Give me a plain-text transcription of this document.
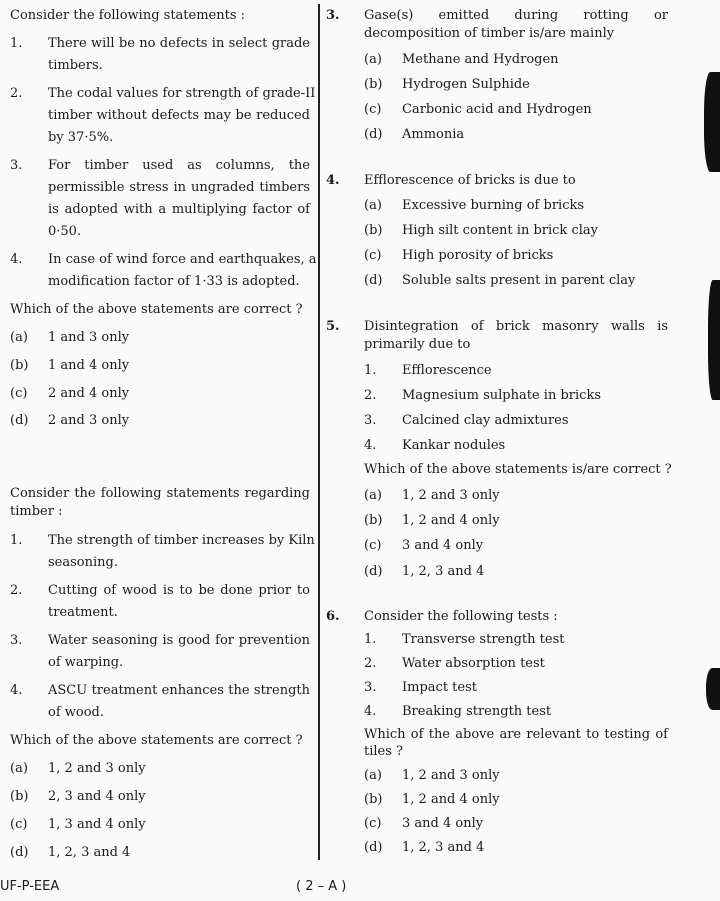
Consider the following statements :
1. There will be no defects in select grade
timbers.
2. The codal values for strength of grade-II
timber without defects may be reduced
by 37·5%.
3. For timber used as columns, the
permissible stress in ungraded timbers
is adopted with a multiplying factor of
0·50.
4. In case of wind force and earthquakes, a
modification factor of 1·33 is adopted.
Which of the above statements are correct ?
(a) 1 and 3 only
(b) 1 and 4 only
(c) 2 and 4 only
(d) 2 and 3 only
Consider the following statements regarding
timber :
1. The strength of timber increases by Kiln
seasoning.
2. Cutting of wood is to be done prior to
treatment.
3. Water seasoning is good for prevention
of warping.
4. ASCU treatment enhances the strength
of wood.
Which of the above statements are correct ?
(a) 1, 2 and 3 only
(b) 2, 3 and 4 only
(c) 1, 3 and 4 only
(d) 1, 2, 3 and 4
3. Gase(s) emitted during rotting or
decomposition of timber is/are mainly
(a) Methane and Hydrogen
(b) Hydrogen Sulphide
(c) Carbonic acid and Hydrogen
(d) Ammonia
4. Efflorescence of bricks is due to
(a) Excessive burning of bricks
(b) High silt content in brick clay
(c) High porosity of bricks
(d) Soluble salts present in parent clay
5. Disintegration of brick masonry walls is
primarily due to
1. Efflorescence
2. Magnesium sulphate in bricks
3. Calcined clay admixtures
4. Kankar nodules
Which of the above statements is/are correct ?
(a) 1, 2 and 3 only
(b) 1, 2 and 4 only
(c) 3 and 4 only
(d) 1, 2, 3 and 4
6. Consider the following tests :
1. Transverse strength test
2. Water absorption test
3. Impact test
4. Breaking strength test
Which of the above are relevant to testing of
tiles ?
(a) 1, 2 and 3 only
(b) 1, 2 and 4 only
(c) 3 and 4 only
(d) 1, 2, 3 and 4
UF-P-EEA	( 2 – A )
